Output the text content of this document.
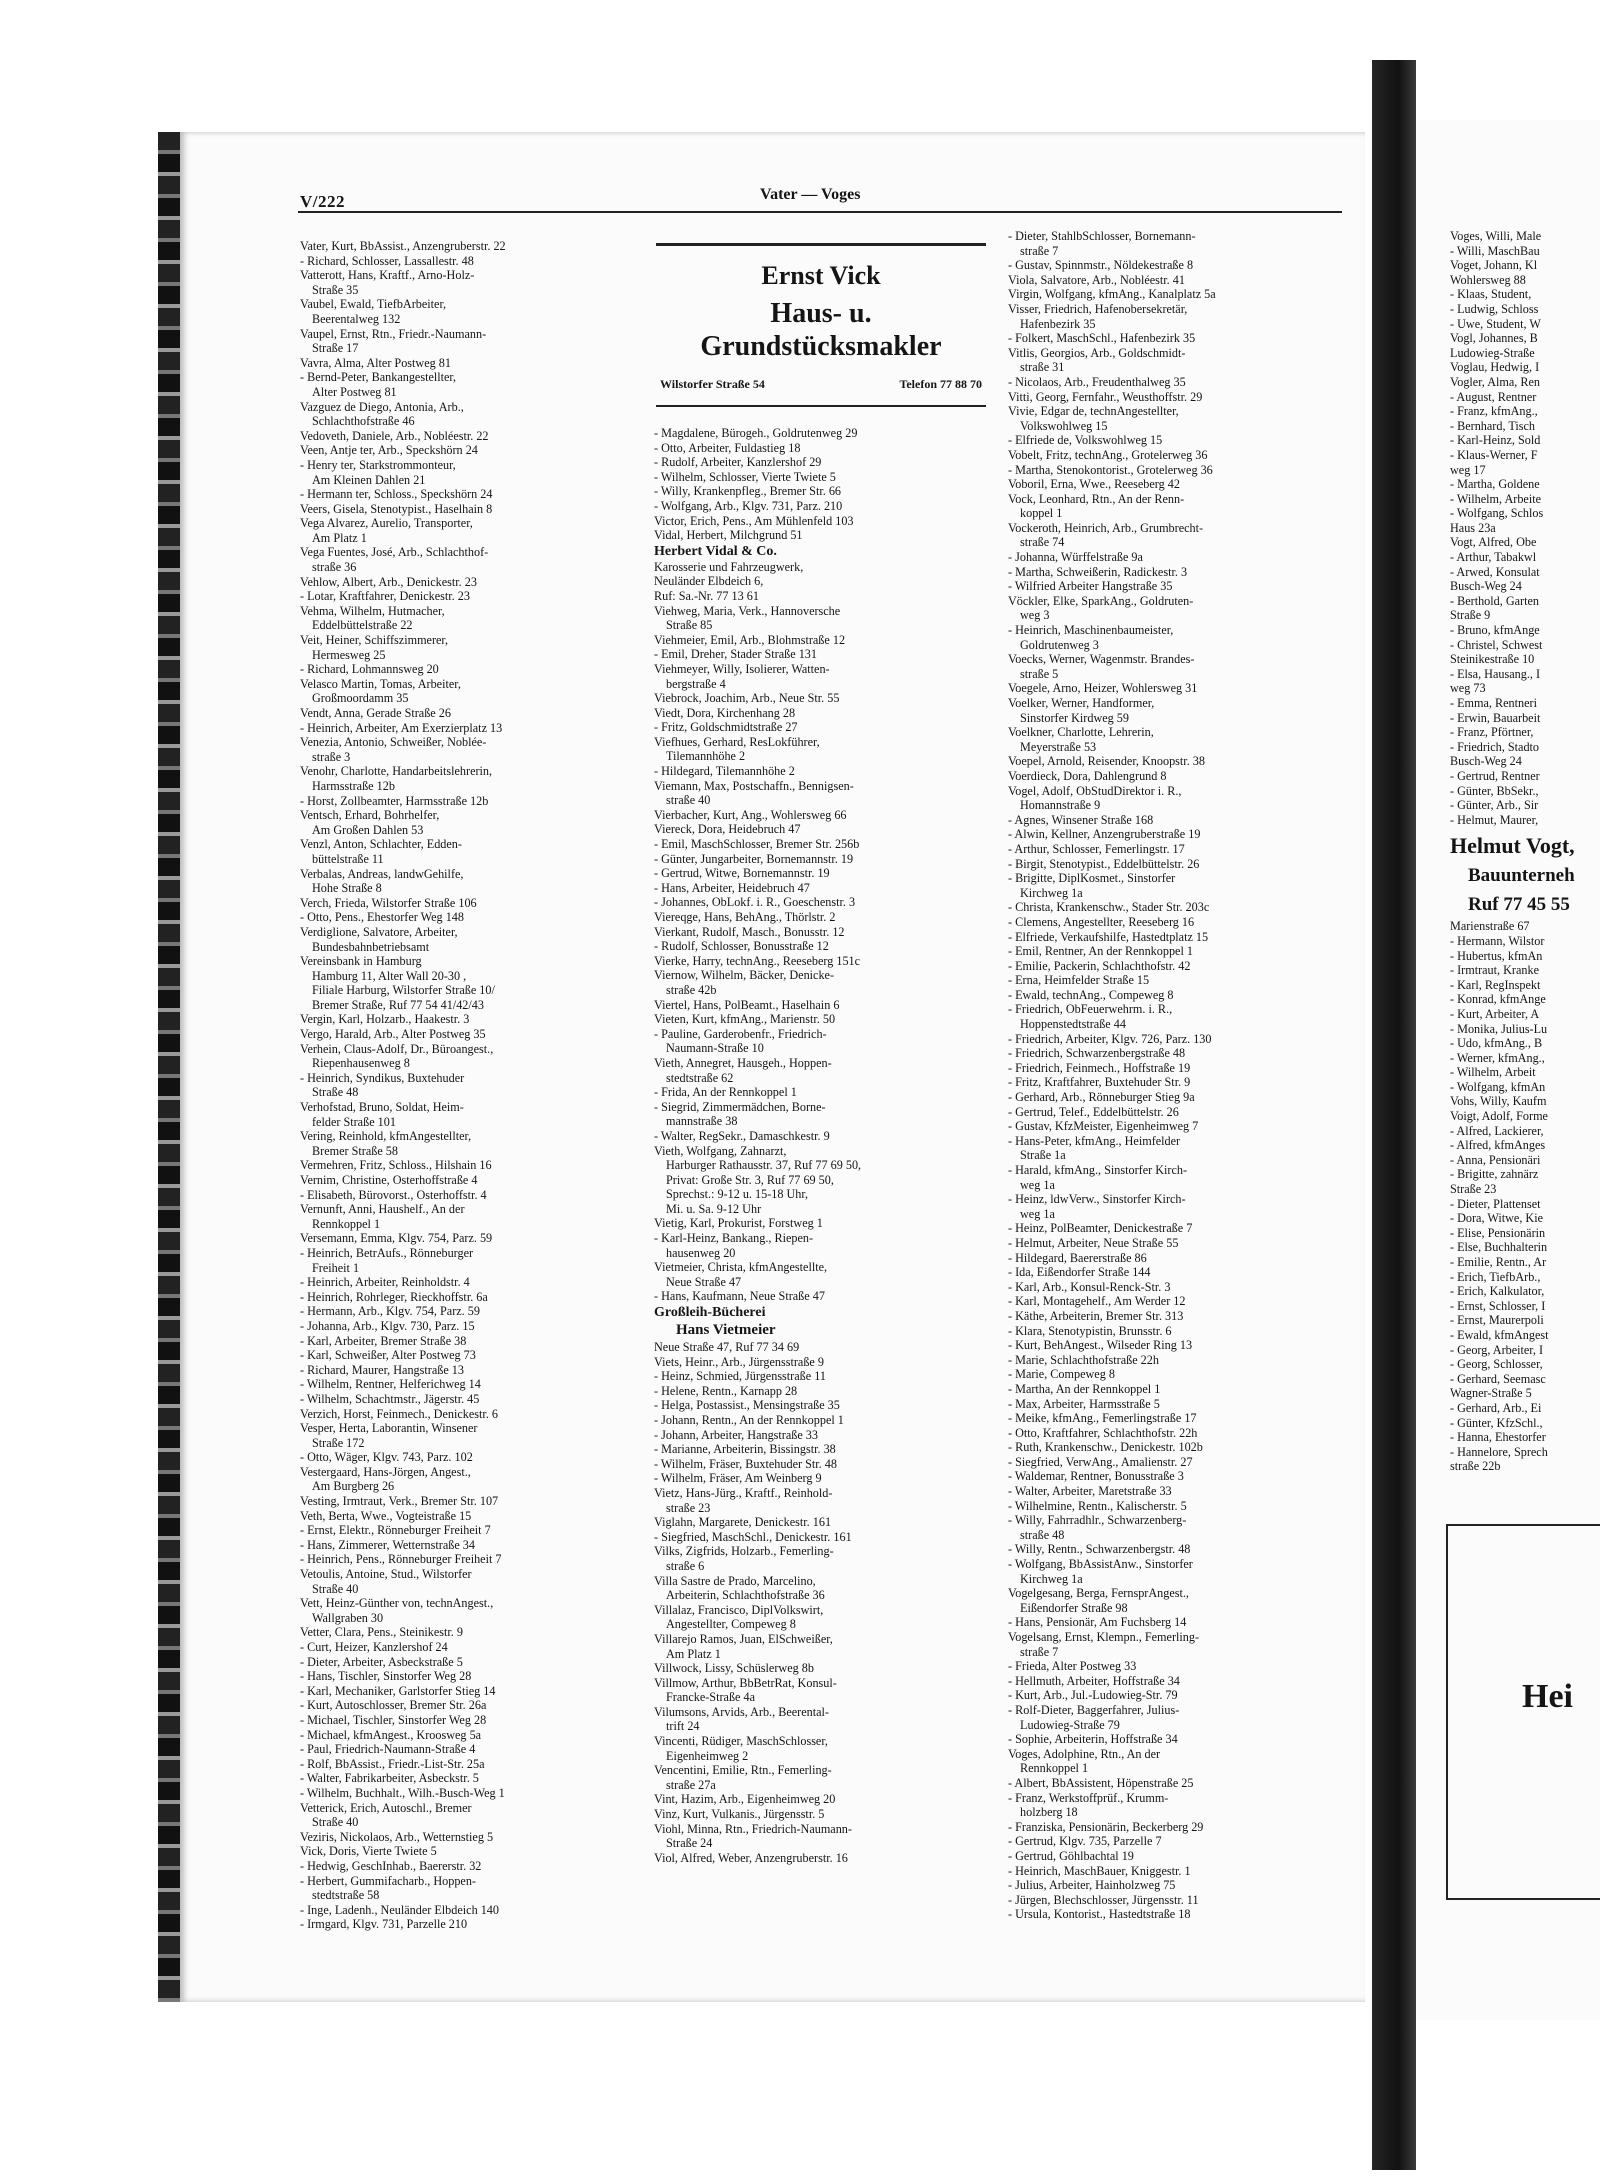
V/222	Vater — Voges
Vater, Kurt, BbAssist., Anzengruberstr. 22
- Richard, Schlosser, Lassallestr. 48
Vatterott, Hans, Kraftf., Arno-Holz-
Straße 35
Vaubel, Ewald, TiefbArbeiter,
Beerentalweg 132
Vaupel, Ernst, Rtn., Friedr.-Naumann-
Straße 17
Vavra, Alma, Alter Postweg 81
- Bernd-Peter, Bankangestellter,
Alter Postweg 81
Vazguez de Diego, Antonia, Arb.,
Schlachthofstraße 46
Vedoveth, Daniele, Arb., Nobléestr. 22
Veen, Antje ter, Arb., Speckshörn 24
- Henry ter, Starkstrommonteur,
Am Kleinen Dahlen 21
- Hermann ter, Schloss., Speckshörn 24
Veers, Gisela, Stenotypist., Haselhain 8
Vega Alvarez, Aurelio, Transporter,
Am Platz 1
Vega Fuentes, José, Arb., Schlachthof-
straße 36
Vehlow, Albert, Arb., Denickestr. 23
- Lotar, Kraftfahrer, Denickestr. 23
Vehma, Wilhelm, Hutmacher,
Eddelbüttelstraße 22
Veit, Heiner, Schiffszimmerer,
Hermesweg 25
- Richard, Lohmannsweg 20
Velasco Martin, Tomas, Arbeiter,
Großmoordamm 35
Vendt, Anna, Gerade Straße 26
- Heinrich, Arbeiter, Am Exerzierplatz 13
Venezia, Antonio, Schweißer, Noblée-
straße 3
Venohr, Charlotte, Handarbeitslehrerin,
Harmsstraße 12b
- Horst, Zollbeamter, Harmsstraße 12b
Ventsch, Erhard, Bohrhelfer,
Am Großen Dahlen 53
Venzl, Anton, Schlachter, Edden-
büttelstraße 11
Verbalas, Andreas, landwGehilfe,
Hohe Straße 8
Verch, Frieda, Wilstorfer Straße 106
- Otto, Pens., Ehestorfer Weg 148
Verdiglione, Salvatore, Arbeiter,
Bundesbahnbetriebsamt
Vereinsbank in Hamburg
Hamburg 11, Alter Wall 20-30 ,
Filiale Harburg, Wilstorfer Straße 10/
Bremer Straße, Ruf 77 54 41/42/43
Vergin, Karl, Holzarb., Haakestr. 3
Vergo, Harald, Arb., Alter Postweg 35
Verhein, Claus-Adolf, Dr., Büroangest.,
Riepenhausenweg 8
- Heinrich, Syndikus, Buxtehuder
Straße 48
Verhofstad, Bruno, Soldat, Heim-
felder Straße 101
Vering, Reinhold, kfmAngestellter,
Bremer Straße 58
Vermehren, Fritz, Schloss., Hilshain 16
Vernim, Christine, Osterhoffstraße 4
- Elisabeth, Bürovorst., Osterhoffstr. 4
Vernunft, Anni, Haushelf., An der
Rennkoppel 1
Versemann, Emma, Klgv. 754, Parz. 59
- Heinrich, BetrAufs., Rönneburger
Freiheit 1
- Heinrich, Arbeiter, Reinholdstr. 4
- Heinrich, Rohrleger, Rieckhoffstr. 6a
- Hermann, Arb., Klgv. 754, Parz. 59
- Johanna, Arb., Klgv. 730, Parz. 15
- Karl, Arbeiter, Bremer Straße 38
- Karl, Schweißer, Alter Postweg 73
- Richard, Maurer, Hangstraße 13
- Wilhelm, Rentner, Helferichweg 14
- Wilhelm, Schachtmstr., Jägerstr. 45
Verzich, Horst, Feinmech., Denickestr. 6
Vesper, Herta, Laborantin, Winsener
Straße 172
- Otto, Wäger, Klgv. 743, Parz. 102
Vestergaard, Hans-Jörgen, Angest.,
Am Burgberg 26
Vesting, Irmtraut, Verk., Bremer Str. 107
Veth, Berta, Wwe., Vogteistraße 15
- Ernst, Elektr., Rönneburger Freiheit 7
- Hans, Zimmerer, Wetternstraße 34
- Heinrich, Pens., Rönneburger Freiheit 7
Vetoulis, Antoine, Stud., Wilstorfer
Straße 40
Vett, Heinz-Günther von, technAngest.,
Wallgraben 30
Vetter, Clara, Pens., Steinikestr. 9
- Curt, Heizer, Kanzlershof 24
- Dieter, Arbeiter, Asbeckstraße 5
- Hans, Tischler, Sinstorfer Weg 28
- Karl, Mechaniker, Garlstorfer Stieg 14
- Kurt, Autoschlosser, Bremer Str. 26a
- Michael, Tischler, Sinstorfer Weg 28
- Michael, kfmAngest., Kroosweg 5a
- Paul, Friedrich-Naumann-Straße 4
- Rolf, BbAssist., Friedr.-List-Str. 25a
- Walter, Fabrikarbeiter, Asbeckstr. 5
- Wilhelm, Buchhalt., Wilh.-Busch-Weg 1
Vetterick, Erich, Autoschl., Bremer
Straße 40
Veziris, Nickolaos, Arb., Wetternstieg 5
Vick, Doris, Vierte Twiete 5
- Hedwig, GeschInhab., Baererstr. 32
- Herbert, Gummifacharb., Hoppen-
stedtstraße 58
- Inge, Ladenh., Neuländer Elbdeich 140
- Irmgard, Klgv. 731, Parzelle 210
Ernst Vick
Haus- u.
Grundstücksmakler
Wilstorfer Straße 54	Telefon 77 88 70
- Magdalene, Bürogeh., Goldrutenweg 29
- Otto, Arbeiter, Fuldastieg 18
- Rudolf, Arbeiter, Kanzlershof 29
- Wilhelm, Schlosser, Vierte Twiete 5
- Willy, Krankenpfleg., Bremer Str. 66
- Wolfgang, Arb., Klgv. 731, Parz. 210
Victor, Erich, Pens., Am Mühlenfeld 103
Vidal, Herbert, Milchgrund 51
Herbert Vidal & Co.
Karosserie und Fahrzeugwerk,
Neuländer Elbdeich 6,
Ruf: Sa.-Nr. 77 13 61
Viehweg, Maria, Verk., Hannoversche
Straße 85
Viehmeier, Emil, Arb., Blohmstraße 12
- Emil, Dreher, Stader Straße 131
Viehmeyer, Willy, Isolierer, Watten-
bergstraße 4
Viebrock, Joachim, Arb., Neue Str. 55
Viedt, Dora, Kirchenhang 28
- Fritz, Goldschmidtstraße 27
Viefhues, Gerhard, ResLokführer,
Tilemannhöhe 2
- Hildegard, Tilemannhöhe 2
Viemann, Max, Postschaffn., Bennigsen-
straße 40
Vierbacher, Kurt, Ang., Wohlersweg 66
Viereck, Dora, Heidebruch 47
- Emil, MaschSchlosser, Bremer Str. 256b
- Günter, Jungarbeiter, Bornemannstr. 19
- Gertrud, Witwe, Bornemannstr. 19
- Hans, Arbeiter, Heidebruch 47
- Johannes, ObLokf. i. R., Goeschenstr. 3
Viereqge, Hans, BehAng., Thörlstr. 2
Vierkant, Rudolf, Masch., Bonusstr. 12
- Rudolf, Schlosser, Bonusstraße 12
Vierke, Harry, technAng., Reeseberg 151c
Viernow, Wilhelm, Bäcker, Denicke-
straße 42b
Viertel, Hans, PolBeamt., Haselhain 6
Vieten, Kurt, kfmAng., Marienstr. 50
- Pauline, Garderobenfr., Friedrich-
Naumann-Straße 10
Vieth, Annegret, Hausgeh., Hoppen-
stedtstraße 62
- Frida, An der Rennkoppel 1
- Siegrid, Zimmermädchen, Borne-
mannstraße 38
- Walter, RegSekr., Damaschkestr. 9
Vieth, Wolfgang, Zahnarzt,
Harburger Rathausstr. 37, Ruf 77 69 50,
Privat: Große Str. 3, Ruf 77 69 50,
Sprechst.: 9-12 u. 15-18 Uhr,
Mi. u. Sa. 9-12 Uhr
Vietig, Karl, Prokurist, Forstweg 1
- Karl-Heinz, Bankang., Riepen-
hausenweg 20
Vietmeier, Christa, kfmAngestellte,
Neue Straße 47
- Hans, Kaufmann, Neue Straße 47
Großleih-Bücherei
Hans Vietmeier
Neue Straße 47, Ruf 77 34 69
Viets, Heinr., Arb., Jürgensstraße 9
- Heinz, Schmied, Jürgensstraße 11
- Helene, Rentn., Karnapp 28
- Helga, Postassist., Mensingstraße 35
- Johann, Rentn., An der Rennkoppel 1
- Johann, Arbeiter, Hangstraße 33
- Marianne, Arbeiterin, Bissingstr. 38
- Wilhelm, Fräser, Buxtehuder Str. 48
- Wilhelm, Fräser, Am Weinberg 9
Vietz, Hans-Jürg., Kraftf., Reinhold-
straße 23
Viglahn, Margarete, Denickestr. 161
- Siegfried, MaschSchl., Denickestr. 161
Vilks, Zigfrids, Holzarb., Femerling-
straße 6
Villa Sastre de Prado, Marcelino,
Arbeiterin, Schlachthofstraße 36
Villalaz, Francisco, DiplVolkswirt,
Angestellter, Compeweg 8
Villarejo Ramos, Juan, ElSchweißer,
Am Platz 1
Villwock, Lissy, Schüslerweg 8b
Villmow, Arthur, BbBetrRat, Konsul-
Francke-Straße 4a
Vilumsons, Arvids, Arb., Beerental-
trift 24
Vincenti, Rüdiger, MaschSchlosser,
Eigenheimweg 2
Vencentini, Emilie, Rtn., Femerling-
straße 27a
Vint, Hazim, Arb., Eigenheimweg 20
Vinz, Kurt, Vulkanis., Jürgensstr. 5
Viohl, Minna, Rtn., Friedrich-Naumann-
Straße 24
Viol, Alfred, Weber, Anzengruberstr. 16
- Dieter, StahlbSchlosser, Bornemann-
straße 7
- Gustav, Spinnmstr., Nöldekestraße 8
Viola, Salvatore, Arb., Nobléestr. 41
Virgin, Wolfgang, kfmAng., Kanalplatz 5a
Visser, Friedrich, Hafenobersekretär,
Hafenbezirk 35
- Folkert, MaschSchl., Hafenbezirk 35
Vitlis, Georgios, Arb., Goldschmidt-
straße 31
- Nicolaos, Arb., Freudenthalweg 35
Vitti, Georg, Fernfahr., Weusthoffstr. 29
Vivie, Edgar de, technAngestellter,
Volkswohlweg 15
- Elfriede de, Volkswohlweg 15
Vobelt, Fritz, technAng., Grotelerweg 36
- Martha, Stenokontorist., Grotelerweg 36
Voboril, Erna, Wwe., Reeseberg 42
Vock, Leonhard, Rtn., An der Renn-
koppel 1
Vockeroth, Heinrich, Arb., Grumbrecht-
straße 74
- Johanna, Würffelstraße 9a
- Martha, Schweißerin, Radickestr. 3
- Wilfried Arbeiter Hangstraße 35
Vöckler, Elke, SparkAng., Goldruten-
weg 3
- Heinrich, Maschinenbaumeister,
Goldrutenweg 3
Voecks, Werner, Wagenmstr. Brandes-
straße 5
Voegele, Arno, Heizer, Wohlersweg 31
Voelker, Werner, Handformer,
Sinstorfer Kirdweg 59
Voelkner, Charlotte, Lehrerin,
Meyerstraße 53
Voepel, Arnold, Reisender, Knoopstr. 38
Voerdieck, Dora, Dahlengrund 8
Vogel, Adolf, ObStudDirektor i. R.,
Homannstraße 9
- Agnes, Winsener Straße 168
- Alwin, Kellner, Anzengruberstraße 19
- Arthur, Schlosser, Femerlingstr. 17
- Birgit, Stenotypist., Eddelbüttelstr. 26
- Brigitte, DiplKosmet., Sinstorfer
Kirchweg 1a
- Christa, Krankenschw., Stader Str. 203c
- Clemens, Angestellter, Reeseberg 16
- Elfriede, Verkaufshilfe, Hastedtplatz 15
- Emil, Rentner, An der Rennkoppel 1
- Emilie, Packerin, Schlachthofstr. 42
- Erna, Heimfelder Straße 15
- Ewald, technAng., Compeweg 8
- Friedrich, ObFeuerwehrm. i. R.,
Hoppenstedtstraße 44
- Friedrich, Arbeiter, Klgv. 726, Parz. 130
- Friedrich, Schwarzenbergstraße 48
- Friedrich, Feinmech., Hoffstraße 19
- Fritz, Kraftfahrer, Buxtehuder Str. 9
- Gerhard, Arb., Rönneburger Stieg 9a
- Gertrud, Telef., Eddelbüttelstr. 26
- Gustav, KfzMeister, Eigenheimweg 7
- Hans-Peter, kfmAng., Heimfelder
Straße 1a
- Harald, kfmAng., Sinstorfer Kirch-
weg 1a
- Heinz, ldwVerw., Sinstorfer Kirch-
weg 1a
- Heinz, PolBeamter, Denickestraße 7
- Helmut, Arbeiter, Neue Straße 55
- Hildegard, Baererstraße 86
- Ida, Eißendorfer Straße 144
- Karl, Arb., Konsul-Renck-Str. 3
- Karl, Montagehelf., Am Werder 12
- Käthe, Arbeiterin, Bremer Str. 313
- Klara, Stenotypistin, Brunsstr. 6
- Kurt, BehAngest., Wilseder Ring 13
- Marie, Schlachthofstraße 22h
- Marie, Compeweg 8
- Martha, An der Rennkoppel 1
- Max, Arbeiter, Harmsstraße 5
- Meike, kfmAng., Femerlingstraße 17
- Otto, Kraftfahrer, Schlachthofstr. 22h
- Ruth, Krankenschw., Denickestr. 102b
- Siegfried, VerwAng., Amalienstr. 27
- Waldemar, Rentner, Bonusstraße 3
- Walter, Arbeiter, Maretstraße 33
- Wilhelmine, Rentn., Kalischerstr. 5
- Willy, Fahrradhlr., Schwarzenberg-
straße 48
- Willy, Rentn., Schwarzenbergstr. 48
- Wolfgang, BbAssistAnw., Sinstorfer
Kirchweg 1a
Vogelgesang, Berga, FernsprAngest.,
Eißendorfer Straße 98
- Hans, Pensionär, Am Fuchsberg 14
Vogelsang, Ernst, Klempn., Femerling-
straße 7
- Frieda, Alter Postweg 33
- Hellmuth, Arbeiter, Hoffstraße 34
- Kurt, Arb., Jul.-Ludowieg-Str. 79
- Rolf-Dieter, Baggerfahrer, Julius-
Ludowieg-Straße 79
- Sophie, Arbeiterin, Hoffstraße 34
Voges, Adolphine, Rtn., An der
Rennkoppel 1
- Albert, BbAssistent, Höpenstraße 25
- Franz, Werkstoffprüf., Krumm-
holzberg 18
- Franziska, Pensionärin, Beckerberg 29
- Gertrud, Klgv. 735, Parzelle 7
- Gertrud, Göhlbachtal 19
- Heinrich, MaschBauer, Kniggestr. 1
- Julius, Arbeiter, Hainholzweg 75
- Jürgen, Blechschlosser, Jürgensstr. 11
- Ursula, Kontorist., Hastedtstraße 18
Voges, Willi, Male
- Willi, MaschBau
Voget, Johann, Kl
Wohlersweg 88
- Klaas, Student,
- Ludwig, Schloss
- Uwe, Student, W
Vogl, Johannes, B
Ludowieg-Straße
Voglau, Hedwig, I
Vogler, Alma, Ren
- August, Rentner
- Franz, kfmAng.,
- Bernhard, Tisch
- Karl-Heinz, Sold
- Klaus-Werner, F
weg 17
- Martha, Goldene
- Wilhelm, Arbeite
- Wolfgang, Schlos
Haus 23a
Vogt, Alfred, Obe
- Arthur, Tabakwl
- Arwed, Konsulat
Busch-Weg 24
- Berthold, Garten
Straße 9
- Bruno, kfmAnge
- Christel, Schwest
Steinikestraße 10
- Elsa, Hausang., I
weg 73
- Emma, Rentneri
- Erwin, Bauarbeit
- Franz, Pförtner,
- Friedrich, Stadto
Busch-Weg 24
- Gertrud, Rentner
- Günter, BbSekr.,
- Günter, Arb., Sir
- Helmut, Maurer,
Helmut Vogt,
Bauunterneh
Ruf 77 45 55
Marienstraße 67
- Hermann, Wilstor
- Hubertus, kfmAn
- Irmtraut, Kranke
- Karl, RegInspekt
- Konrad, kfmAnge
- Kurt, Arbeiter, A
- Monika, Julius-Lu
- Udo, kfmAng., B
- Werner, kfmAng.,
- Wilhelm, Arbeit
- Wolfgang, kfmAn
Vohs, Willy, Kaufm
Voigt, Adolf, Forme
- Alfred, Lackierer,
- Alfred, kfmAnges
- Anna, Pensionäri
- Brigitte, zahnärz
Straße 23
- Dieter, Plattenset
- Dora, Witwe, Kie
- Elise, Pensionärin
- Else, Buchhalterin
- Emilie, Rentn., Ar
- Erich, TiefbArb.,
- Erich, Kalkulator,
- Ernst, Schlosser, I
- Ernst, Maurerpoli
- Ewald, kfmAngest
- Georg, Arbeiter, I
- Georg, Schlosser,
- Gerhard, Seemasc
Wagner-Straße 5
- Gerhard, Arb., Ei
- Günter, KfzSchl.,
- Hanna, Ehestorfer
- Hannelore, Sprech
straße 22b
Hei
